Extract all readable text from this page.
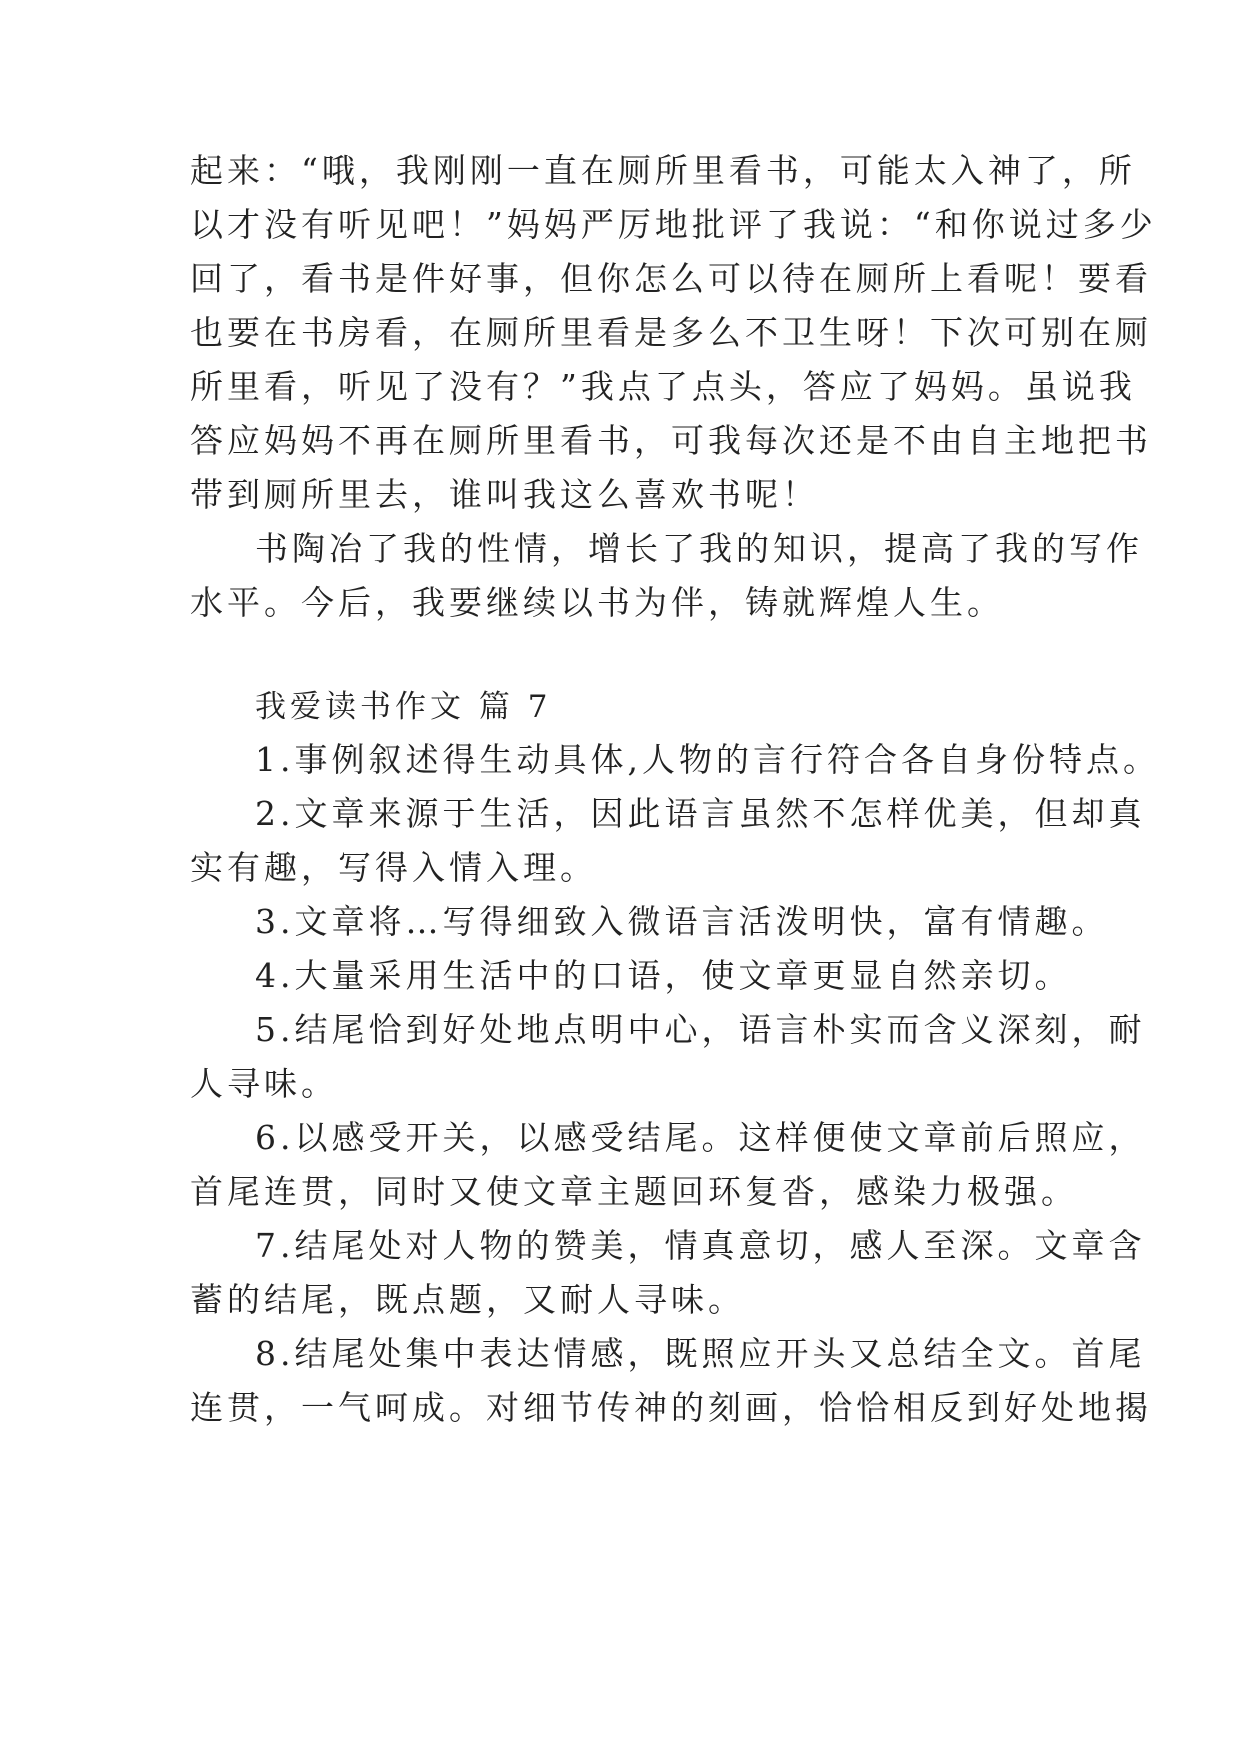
起来：“哦，我刚刚一直在厕所里看书，可能太入神了，所
以才没有听见吧！”妈妈严厉地批评了我说：“和你说过多少
回了，看书是件好事，但你怎么可以待在厕所上看呢！要看
也要在书房看，在厕所里看是多么不卫生呀！下次可别在厕
所里看，听见了没有？”我点了点头，答应了妈妈。虽说我
答应妈妈不再在厕所里看书，可我每次还是不由自主地把书
带到厕所里去，谁叫我这么喜欢书呢！
书陶冶了我的性情，增长了我的知识，提高了我的写作
水平。今后，我要继续以书为伴，铸就辉煌人生。
我爱读书作文 篇 7
1.事例叙述得生动具体,人物的言行符合各自身份特点。
2.文章来源于生活，因此语言虽然不怎样优美，但却真
实有趣，写得入情入理。
3.文章将…写得细致入微语言活泼明快，富有情趣。
4.大量采用生活中的口语，使文章更显自然亲切。
5.结尾恰到好处地点明中心，语言朴实而含义深刻，耐
人寻味。
6.以感受开关，以感受结尾。这样便使文章前后照应，
首尾连贯，同时又使文章主题回环复沓，感染力极强。
7.结尾处对人物的赞美，情真意切，感人至深。文章含
蓄的结尾，既点题，又耐人寻味。
8.结尾处集中表达情感，既照应开头又总结全文。首尾
连贯，一气呵成。对细节传神的刻画，恰恰相反到好处地揭
